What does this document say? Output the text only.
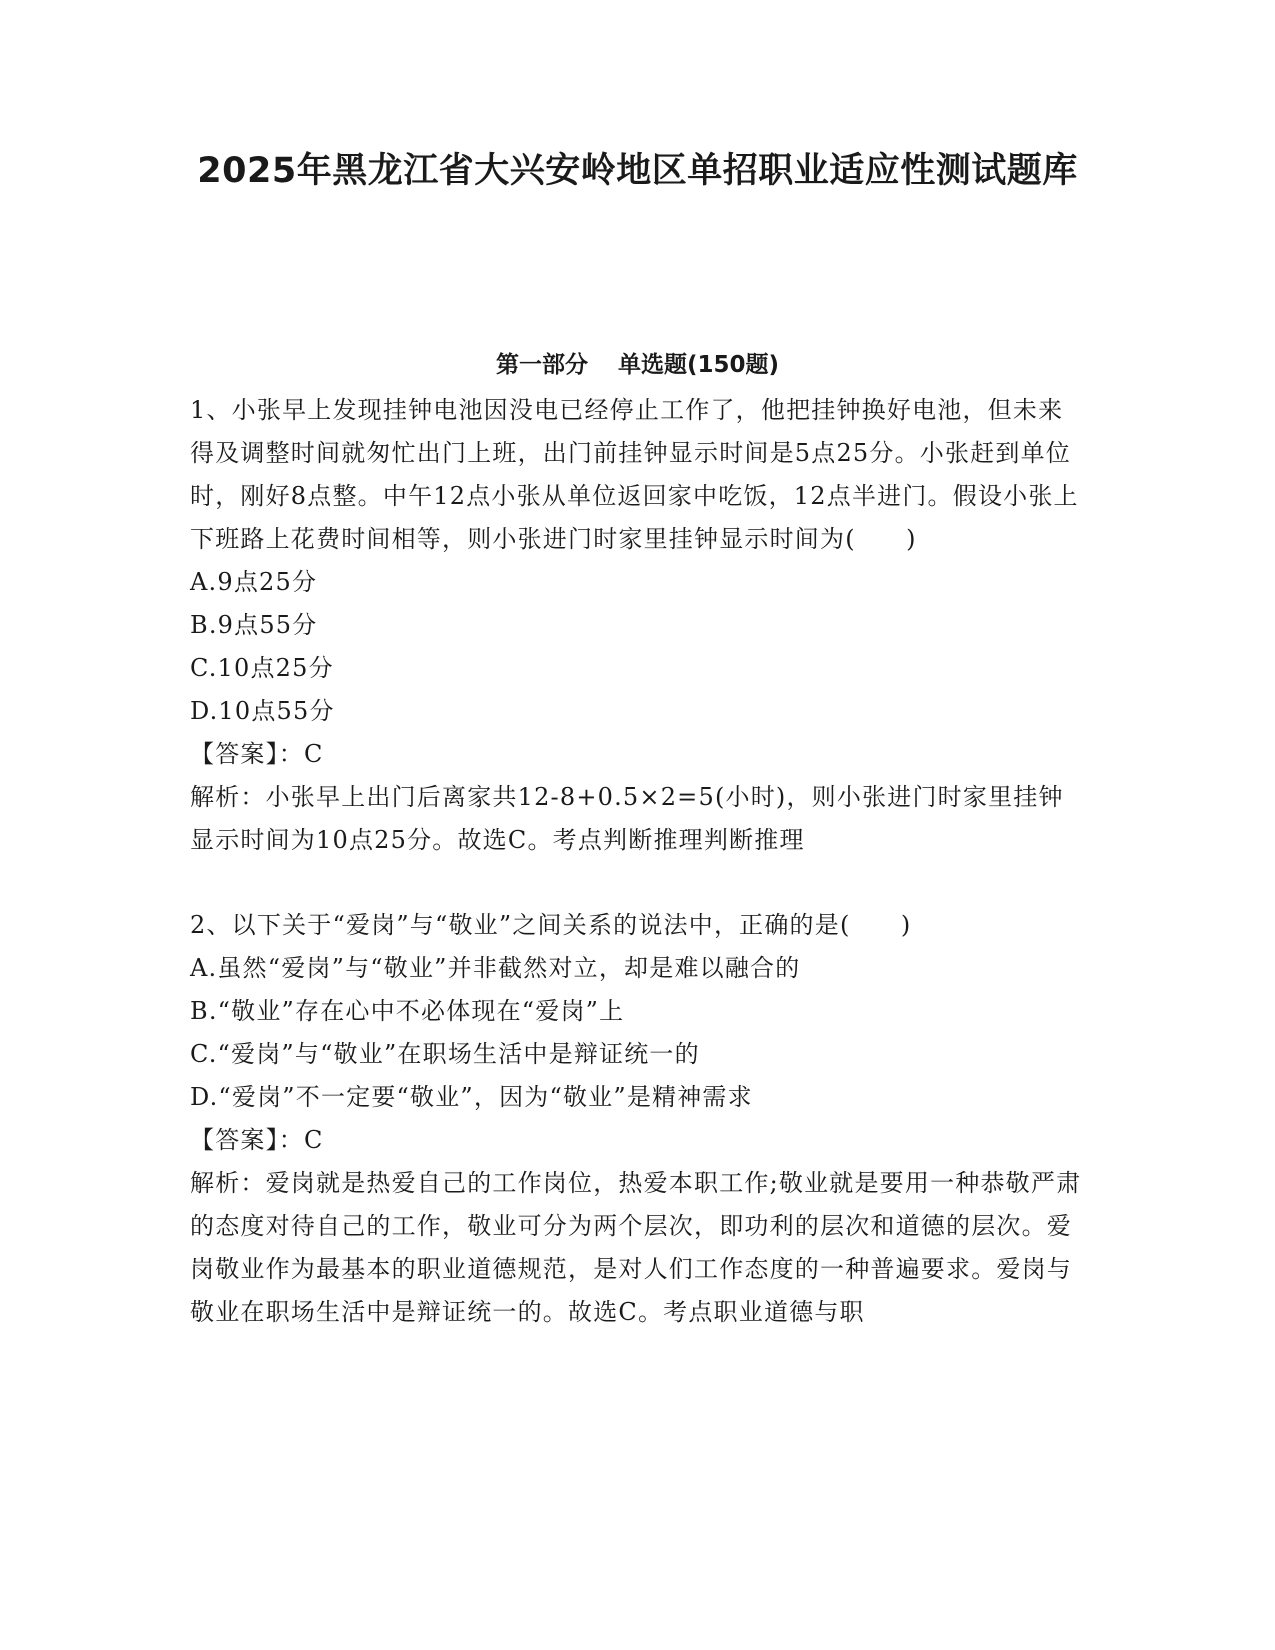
2025年黑龙江省大兴安岭地区单招职业适应性测试题库
第一部分 单选题(150题)

1、小张早上发现挂钟电池因没电已经停止工作了，他把挂钟换好电池，但未来得及调整时间就匆忙出门上班，出门前挂钟显示时间是5点25分。小张赶到单位时，刚好8点整。中午12点小张从单位返回家中吃饭，12点半进门。假设小张上下班路上花费时间相等，则小张进门时家里挂钟显示时间为(　　)

A.9点25分

B.9点55分

C.10点25分

D.10点55分

【答案】：C

解析：小张早上出门后离家共12-8+0.5×2=5(小时)，则小张进门时家里挂钟显示时间为10点25分。故选C。考点判断推理判断推理

2、以下关于“爱岗”与“敬业”之间关系的说法中，正确的是(　　)

A.虽然“爱岗”与“敬业”并非截然对立，却是难以融合的

B.“敬业”存在心中不必体现在“爱岗”上

C.“爱岗”与“敬业”在职场生活中是辩证统一的

D.“爱岗”不一定要“敬业”，因为“敬业”是精神需求

【答案】：C

解析：爱岗就是热爱自己的工作岗位，热爱本职工作;敬业就是要用一种恭敬严肃的态度对待自己的工作，敬业可分为两个层次，即功利的层次和道德的层次。爱岗敬业作为最基本的职业道德规范，是对人们工作态度的一种普遍要求。爱岗与敬业在职场生活中是辩证统一的。故选C。考点职业道德与职
